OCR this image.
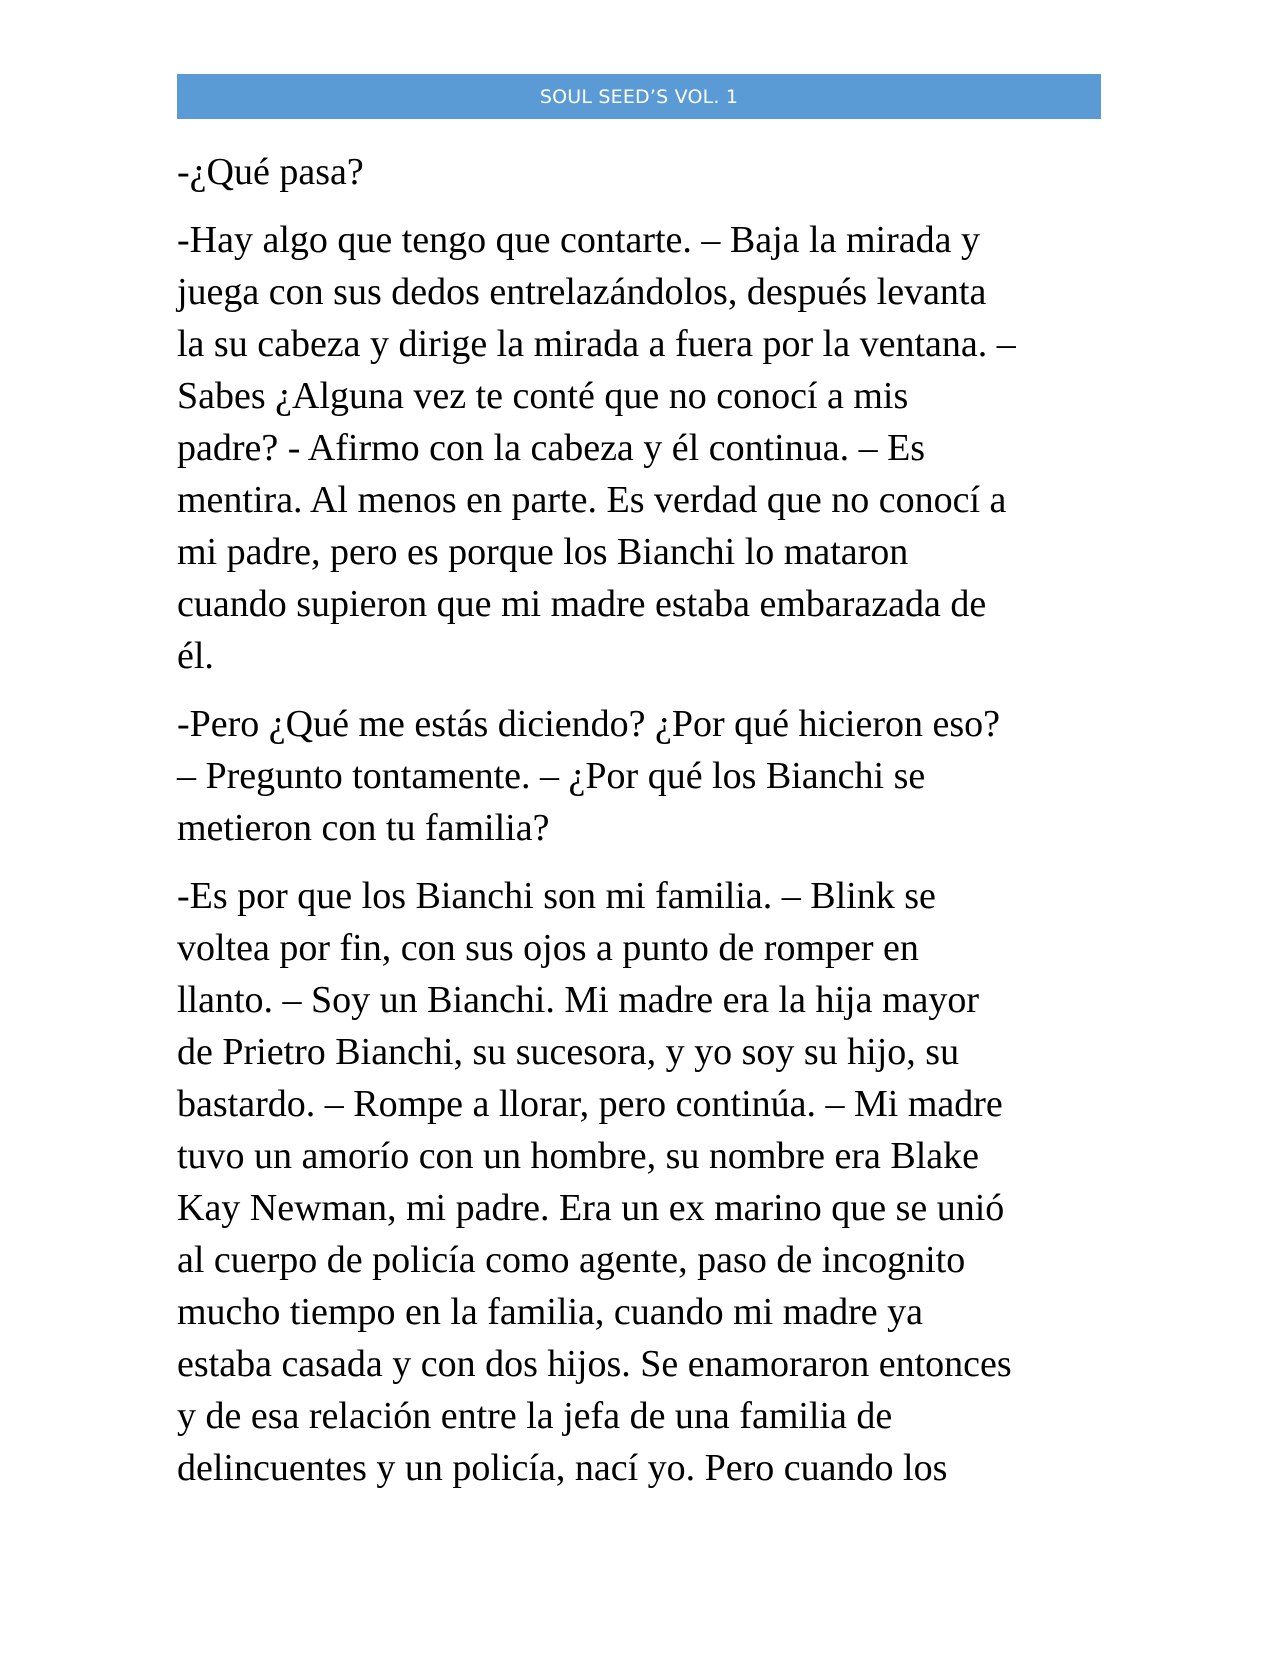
SOUL SEED’S VOL. 1

-¿Qué pasa?

-Hay algo que tengo que contarte. – Baja la mirada y
juega con sus dedos entrelazándolos, después levanta
la su cabeza y dirige la mirada a fuera por la ventana. –
Sabes ¿Alguna vez te conté que no conocí a mis
padre? - Afirmo con la cabeza y él continua. – Es
mentira. Al menos en parte. Es verdad que no conocí a
mi padre, pero es porque los Bianchi lo mataron
cuando supieron que mi madre estaba embarazada de
él.

-Pero ¿Qué me estás diciendo? ¿Por qué hicieron eso?
– Pregunto tontamente. – ¿Por qué los Bianchi se
metieron con tu familia?

-Es por que los Bianchi son mi familia. – Blink se
voltea por fin, con sus ojos a punto de romper en
llanto. – Soy un Bianchi. Mi madre era la hija mayor
de Prietro Bianchi, su sucesora, y yo soy su hijo, su
bastardo. – Rompe a llorar, pero continúa. – Mi madre
tuvo un amorío con un hombre, su nombre era Blake
Kay Newman, mi padre. Era un ex marino que se unió
al cuerpo de policía como agente, paso de incognito
mucho tiempo en la familia, cuando mi madre ya
estaba casada y con dos hijos. Se enamoraron entonces
y de esa relación entre la jefa de una familia de
delincuentes y un policía, nací yo. Pero cuando los
